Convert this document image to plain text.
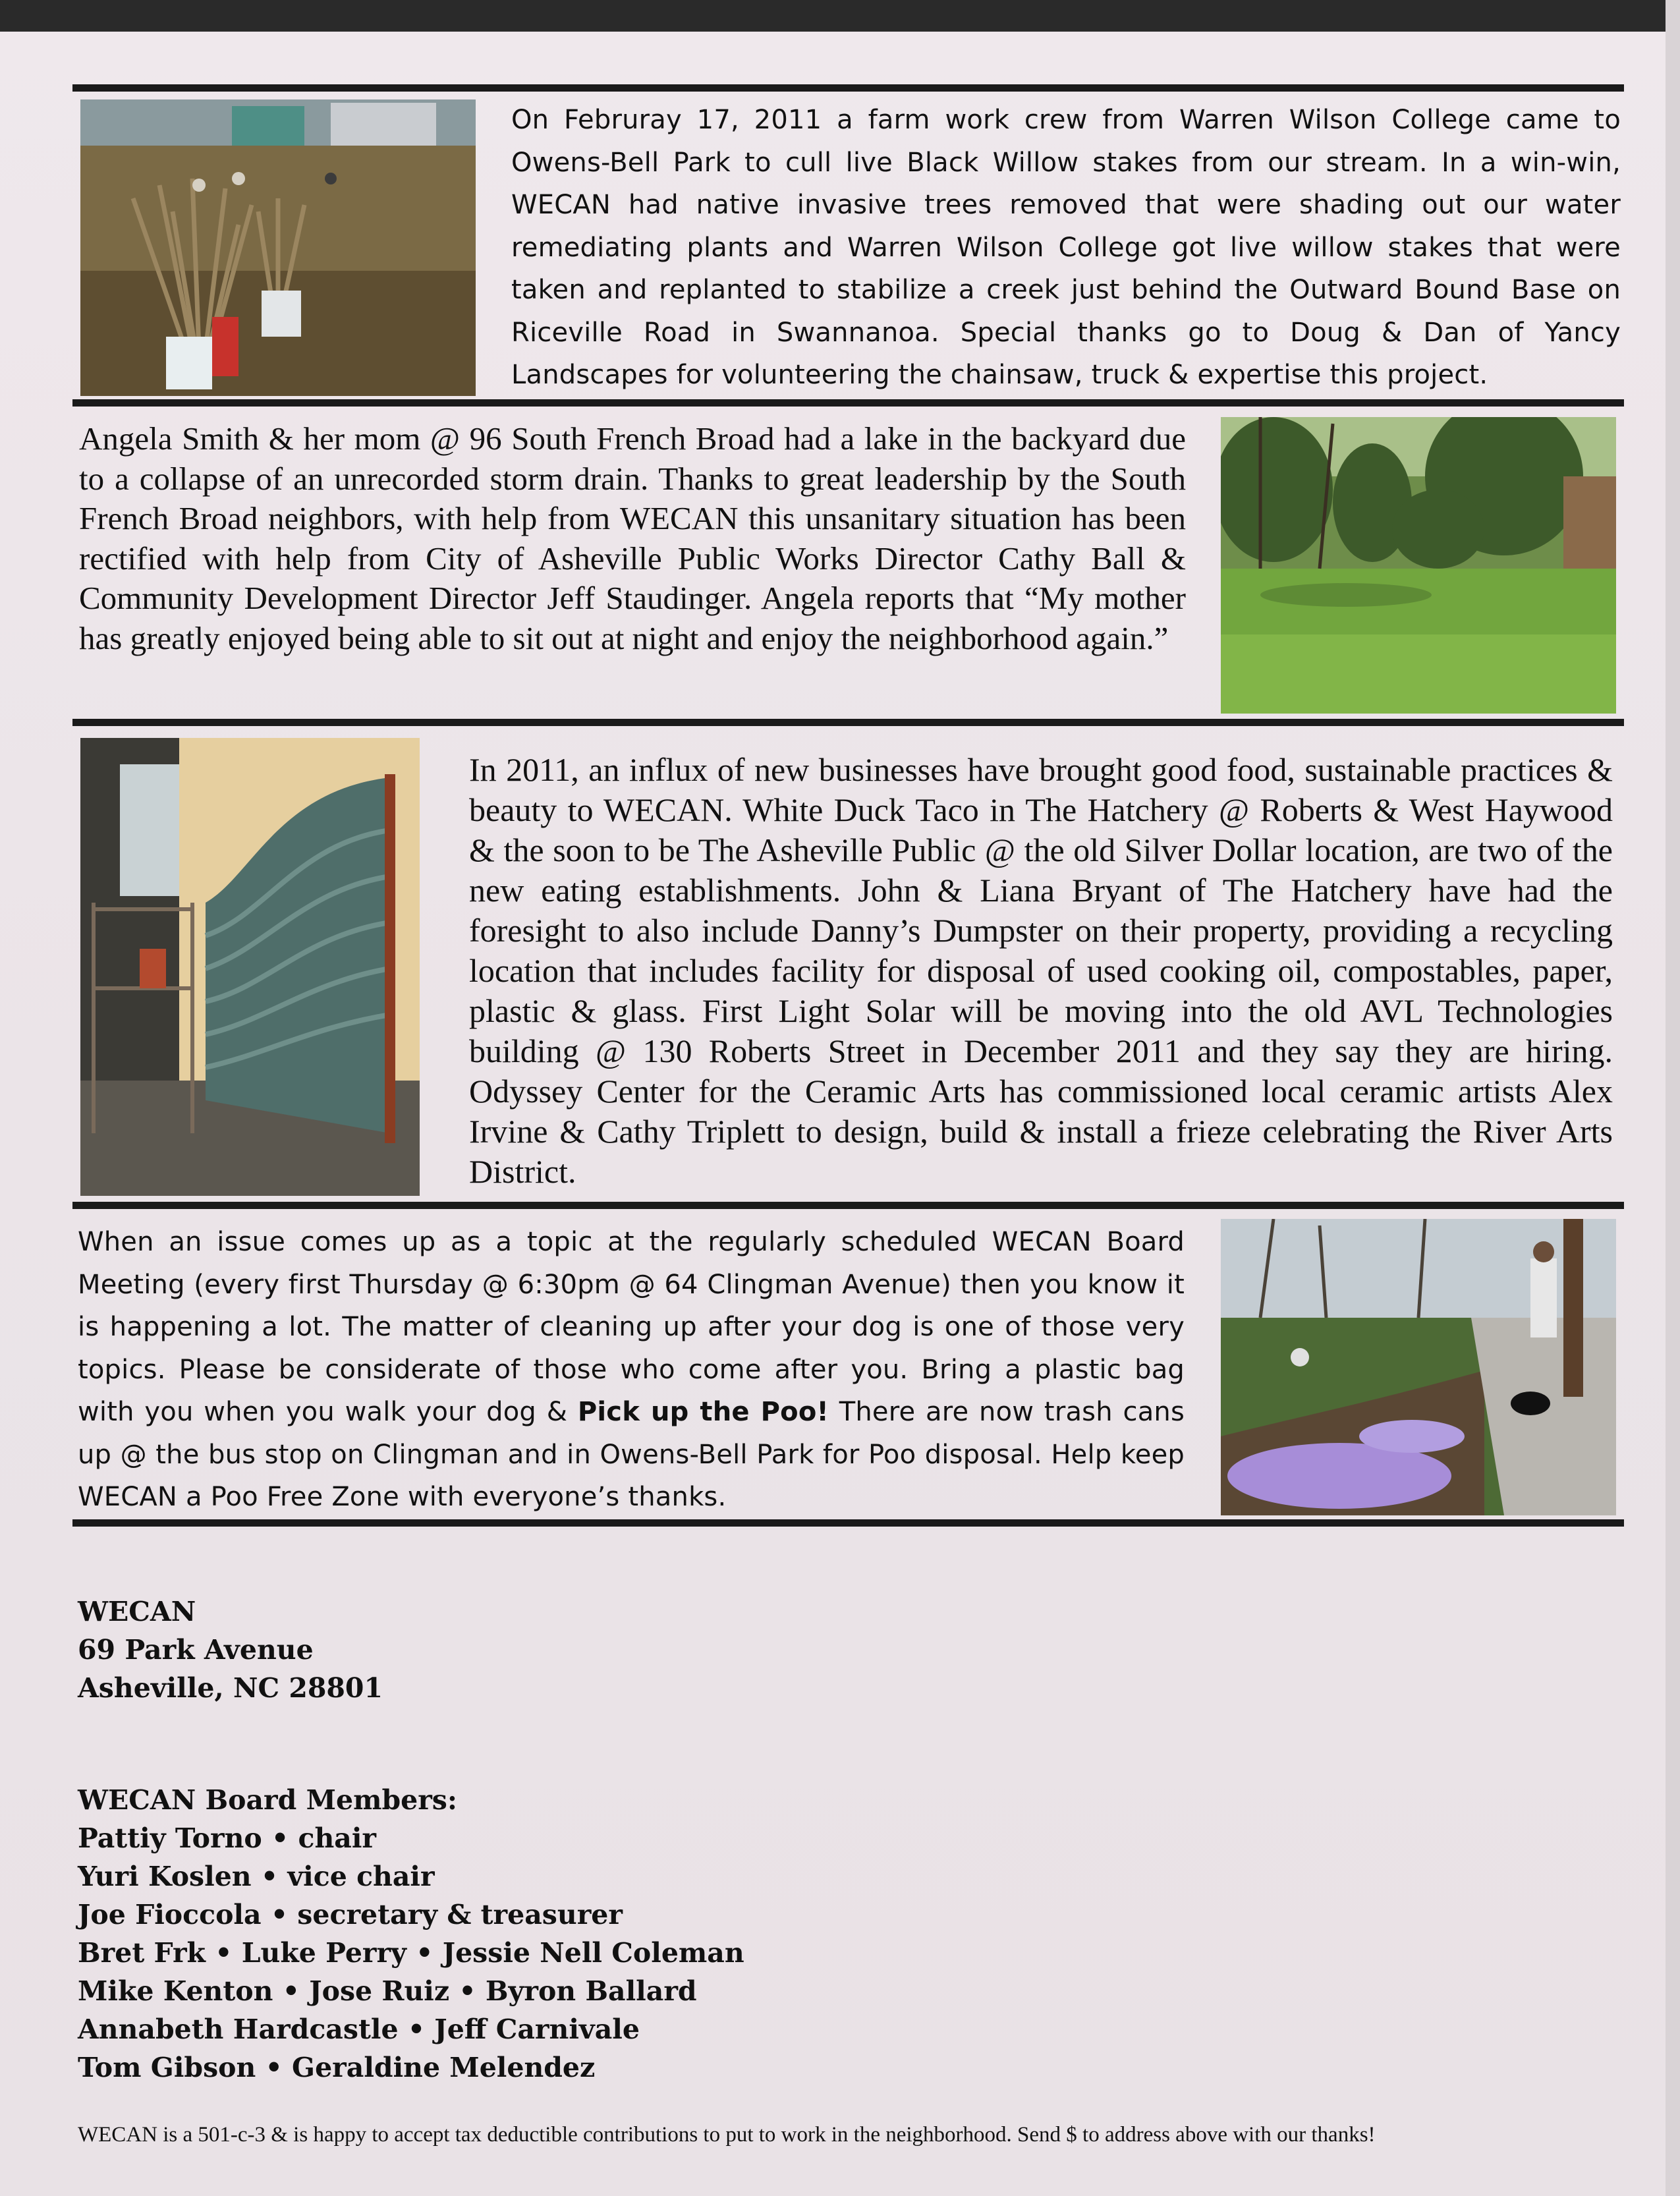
On Februray 17, 2011 a farm work crew from Warren Wilson College came to Owens-Bell Park to cull live Black Willow stakes from our stream. In a win-win, WECAN had native invasive trees removed that were shading out our water remediating plants and Warren Wilson College got live willow stakes that were taken and replanted to stabilize a creek just behind the Outward Bound Base on Riceville Road in Swannanoa. Special thanks go to Doug & Dan of Yancy Landscapes for volunteering the chainsaw, truck & expertise this project.

Angela Smith & her mom @ 96 South French Broad had a lake in the backyard due to a collapse of an unrecorded storm drain. Thanks to great leadership by the South French Broad neighbors, with help from WECAN this unsanitary situation has been rectified with help from City of Asheville Public Works Director Cathy Ball & Community Development Director Jeff Staudinger. Angela reports that “My mother has greatly enjoyed being able to sit out at night and enjoy the neighborhood again.”

In 2011, an influx of new businesses have brought good food, sustainable practices & beauty to WECAN. White Duck Taco in The Hatchery @ Roberts & West Haywood & the soon to be The Asheville Public @ the old Silver Dollar location, are two of the new eating establishments. John & Liana Bryant of The Hatchery have had the foresight to also include Danny’s Dumpster on their property, providing a recycling location that includes facility for disposal of used cooking oil, compostables, paper, plastic & glass. First Light Solar will be moving into the old AVL Technologies building @ 130 Roberts Street in December 2011 and they say they are hiring. Odyssey Center for the Ceramic Arts has commissioned local ceramic artists Alex Irvine & Cathy Triplett to design, build & install a frieze celebrating the River Arts District.

When an issue comes up as a topic at the regularly scheduled WECAN Board Meeting (every first Thursday @ 6:30pm @ 64 Clingman Avenue) then you know it is happening a lot. The matter of cleaning up after your dog is one of those very topics. Please be considerate of those who come after you. Bring a plastic bag with you when you walk your dog & Pick up the Poo! There are now trash cans up @ the bus stop on Clingman and in Owens-Bell Park for Poo disposal. Help keep WECAN a Poo Free Zone with everyone’s thanks.

WECAN
69 Park Avenue
Asheville, NC 28801
WECAN Board Members:
Pattiy Torno • chair
Yuri Koslen • vice chair
Joe Fioccola • secretary & treasurer
Bret Frk • Luke Perry • Jessie Nell Coleman
Mike Kenton • Jose Ruiz • Byron Ballard
Annabeth Hardcastle • Jeff Carnivale
Tom Gibson • Geraldine Melendez
WECAN is a 501-c-3 & is happy to accept tax deductible contributions to put to work in the neighborhood. Send $ to address above with our thanks!
